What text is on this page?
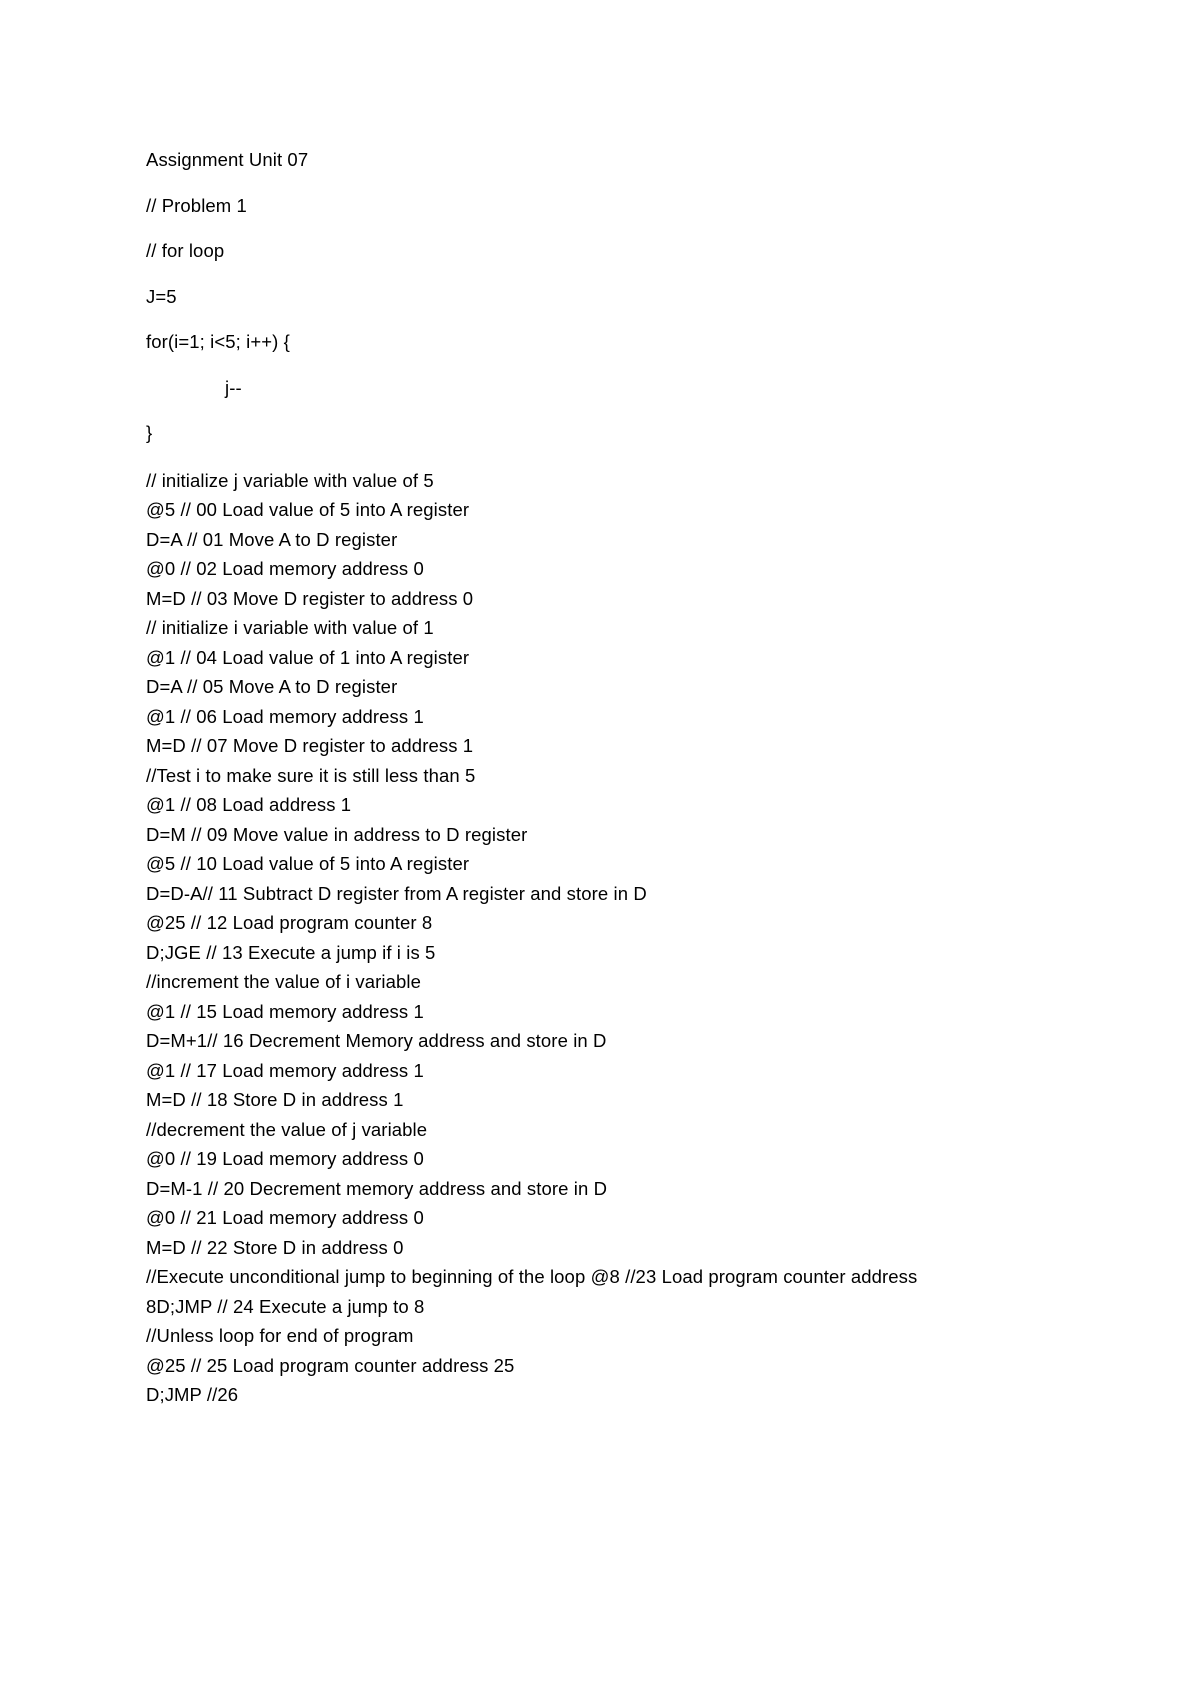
Assignment Unit 07
// Problem 1
// for loop
J=5
for(i=1; i<5; i++) {
j--
}
// initialize j variable with value of 5
@5 // 00 Load value of 5 into A register
D=A // 01 Move A to D register
@0 // 02 Load memory address 0
M=D // 03 Move D register to address 0
// initialize i variable with value of 1
@1 // 04 Load value of 1 into A register
D=A // 05 Move A to D register
@1 // 06 Load memory address 1
M=D // 07 Move D register to address 1
//Test i to make sure it is still less than 5
@1 // 08 Load address 1
D=M // 09 Move value in address to D register
@5 // 10 Load value of 5 into A register
D=D-A// 11 Subtract D register from A register and store in D
@25 // 12 Load program counter 8
D;JGE // 13 Execute a jump if i is 5
//increment the value of i variable
@1 // 15 Load memory address 1
D=M+1// 16 Decrement Memory address and store in D
@1 // 17 Load memory address 1
M=D // 18 Store D in address 1
//decrement the value of j variable
@0 // 19 Load memory address 0
D=M-1 // 20 Decrement memory address and store in D
@0 // 21 Load memory address 0
M=D // 22 Store D in address 0
//Execute unconditional jump to beginning of the loop @8 //23 Load program counter address
8D;JMP // 24 Execute a jump to 8
//Unless loop for end of program
@25 // 25 Load program counter address 25
D;JMP //26
